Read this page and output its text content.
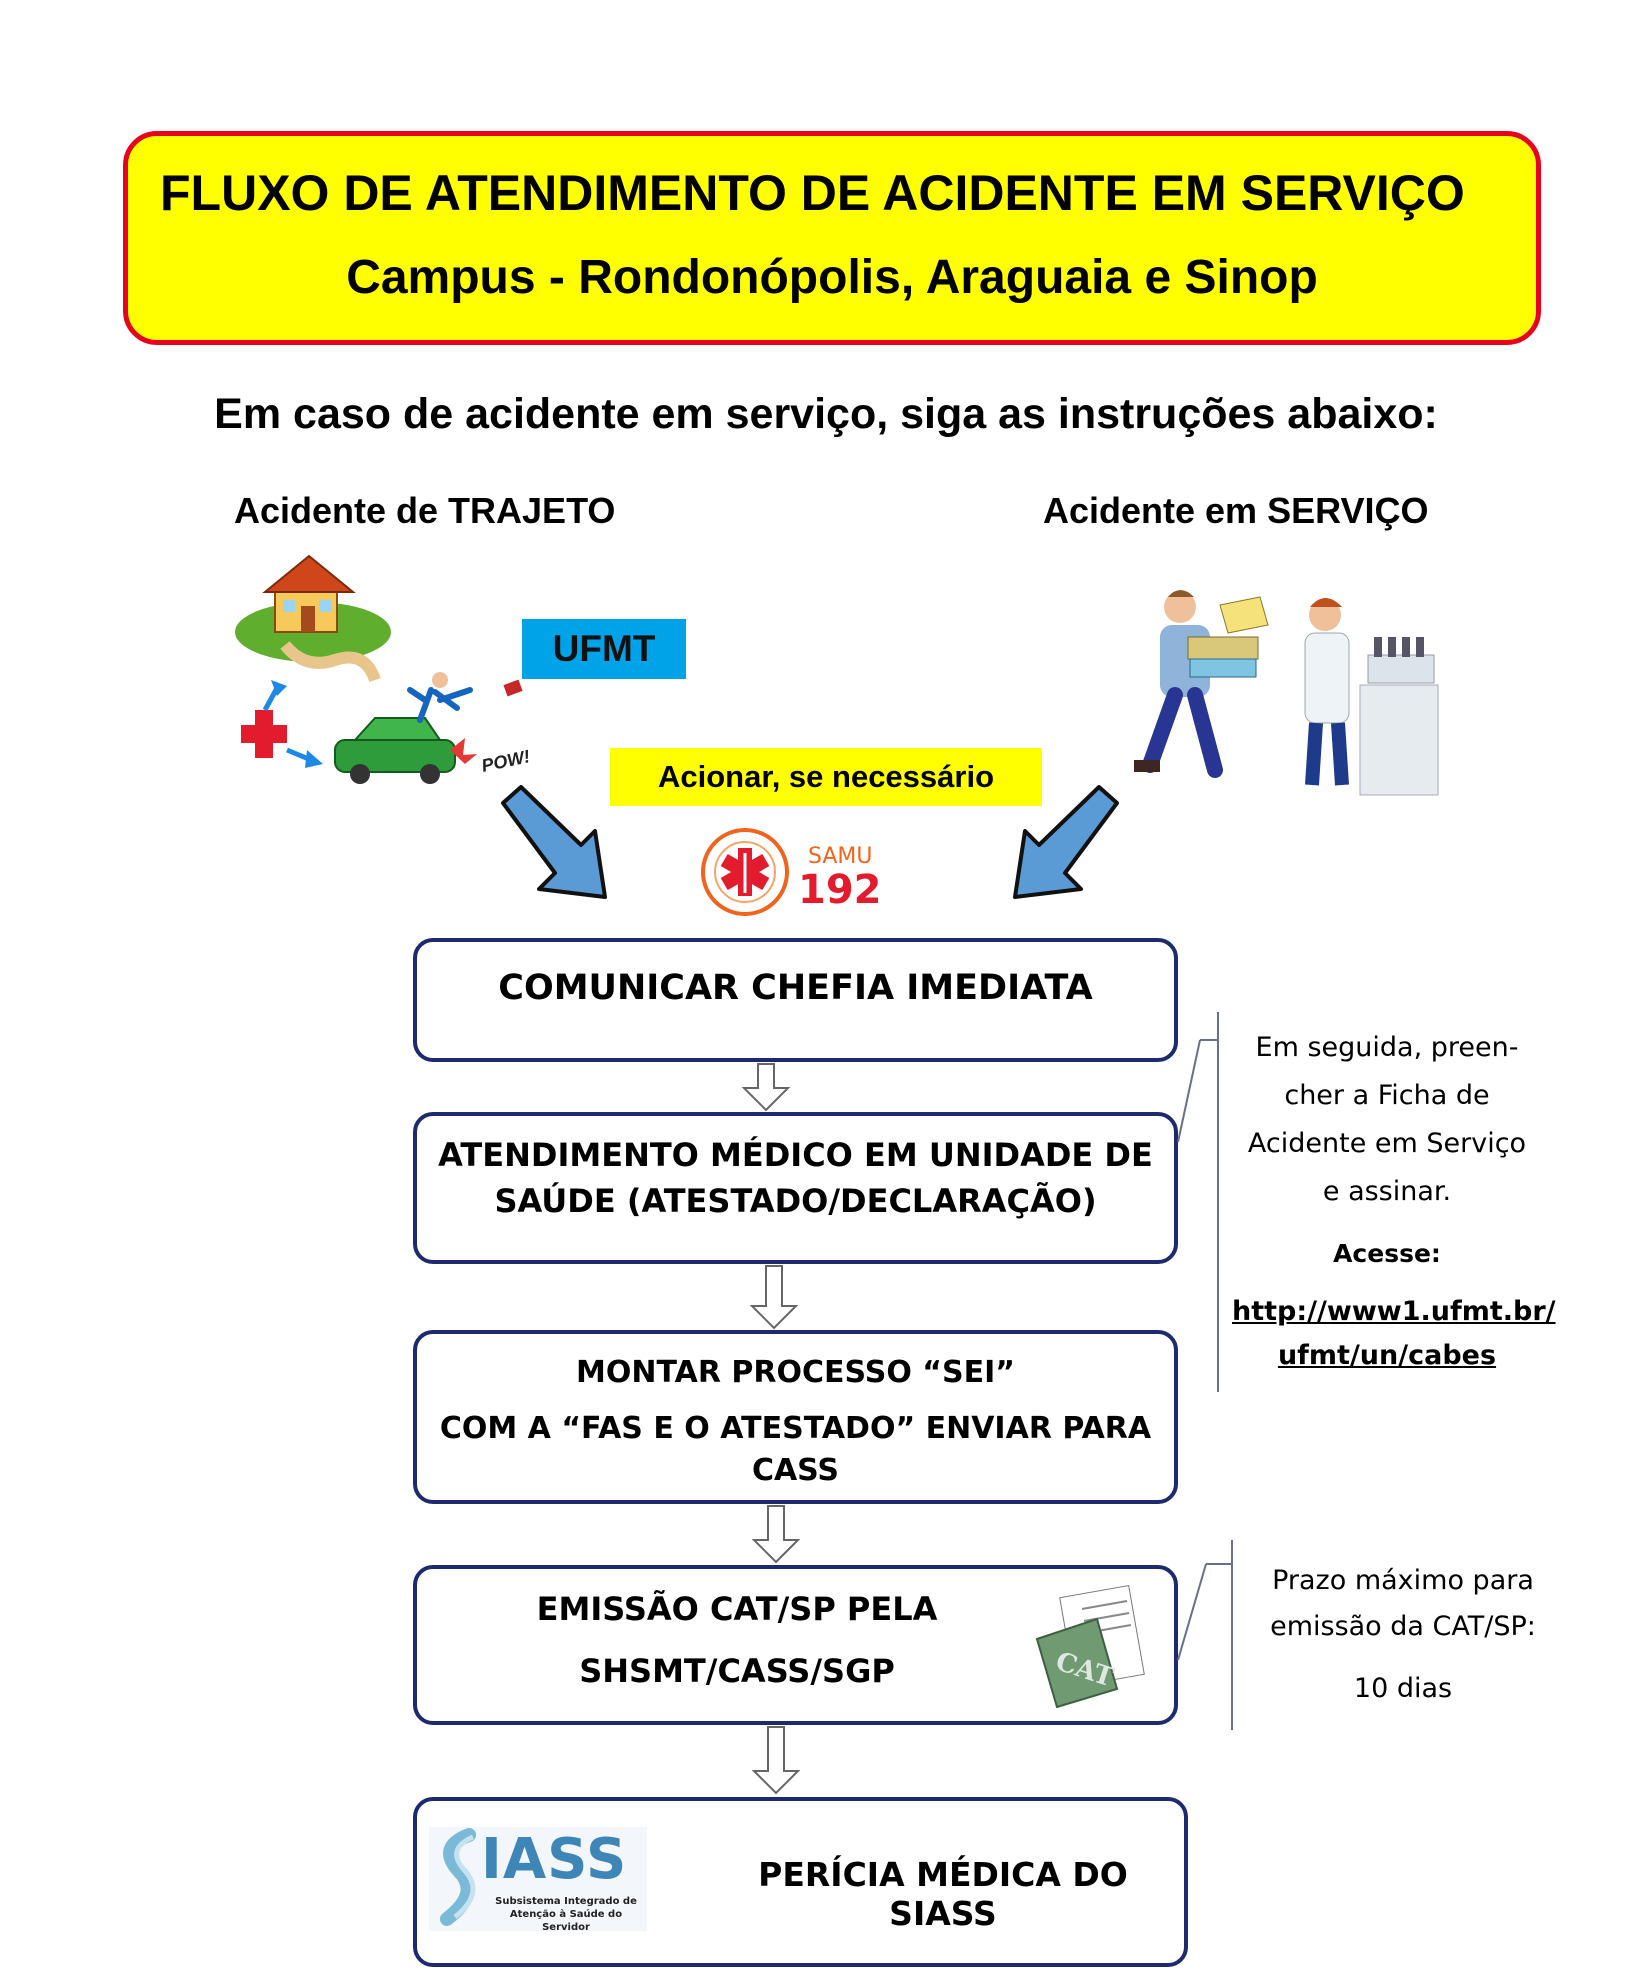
FLUXO DE ATENDIMENTO DE ACIDENTE EM SERVIÇO
Campus - Rondonópolis, Araguaia e Sinop
Em caso de acidente em serviço, siga as instruções abaixo:
Acidente de TRAJETO	Acidente em SERVIÇO
POW!
UFMT
Acionar, se necessário
SAMU
192
COMUNICAR CHEFIA IMEDIATA
ATENDIMENTO MÉDICO EM UNIDADE DE
SAÚDE (ATESTADO/DECLARAÇÃO)
MONTAR PROCESSO “SEI”
COM A “FAS E O ATESTADO” ENVIAR PARA
CASS
EMISSÃO CAT/SP PELA
SHSMT/CASS/SGP	CAT
IASS
Subsistema Integrado de
Atenção à Saúde do Servidor
PERÍCIA MÉDICA DO SIASS
Em seguida, preen-
cher a Ficha de
Acidente em Serviço
e assinar.
Acesse:
http://www1.ufmt.br/
ufmt/un/cabes
Prazo máximo para
emissão da CAT/SP:
10 dias
